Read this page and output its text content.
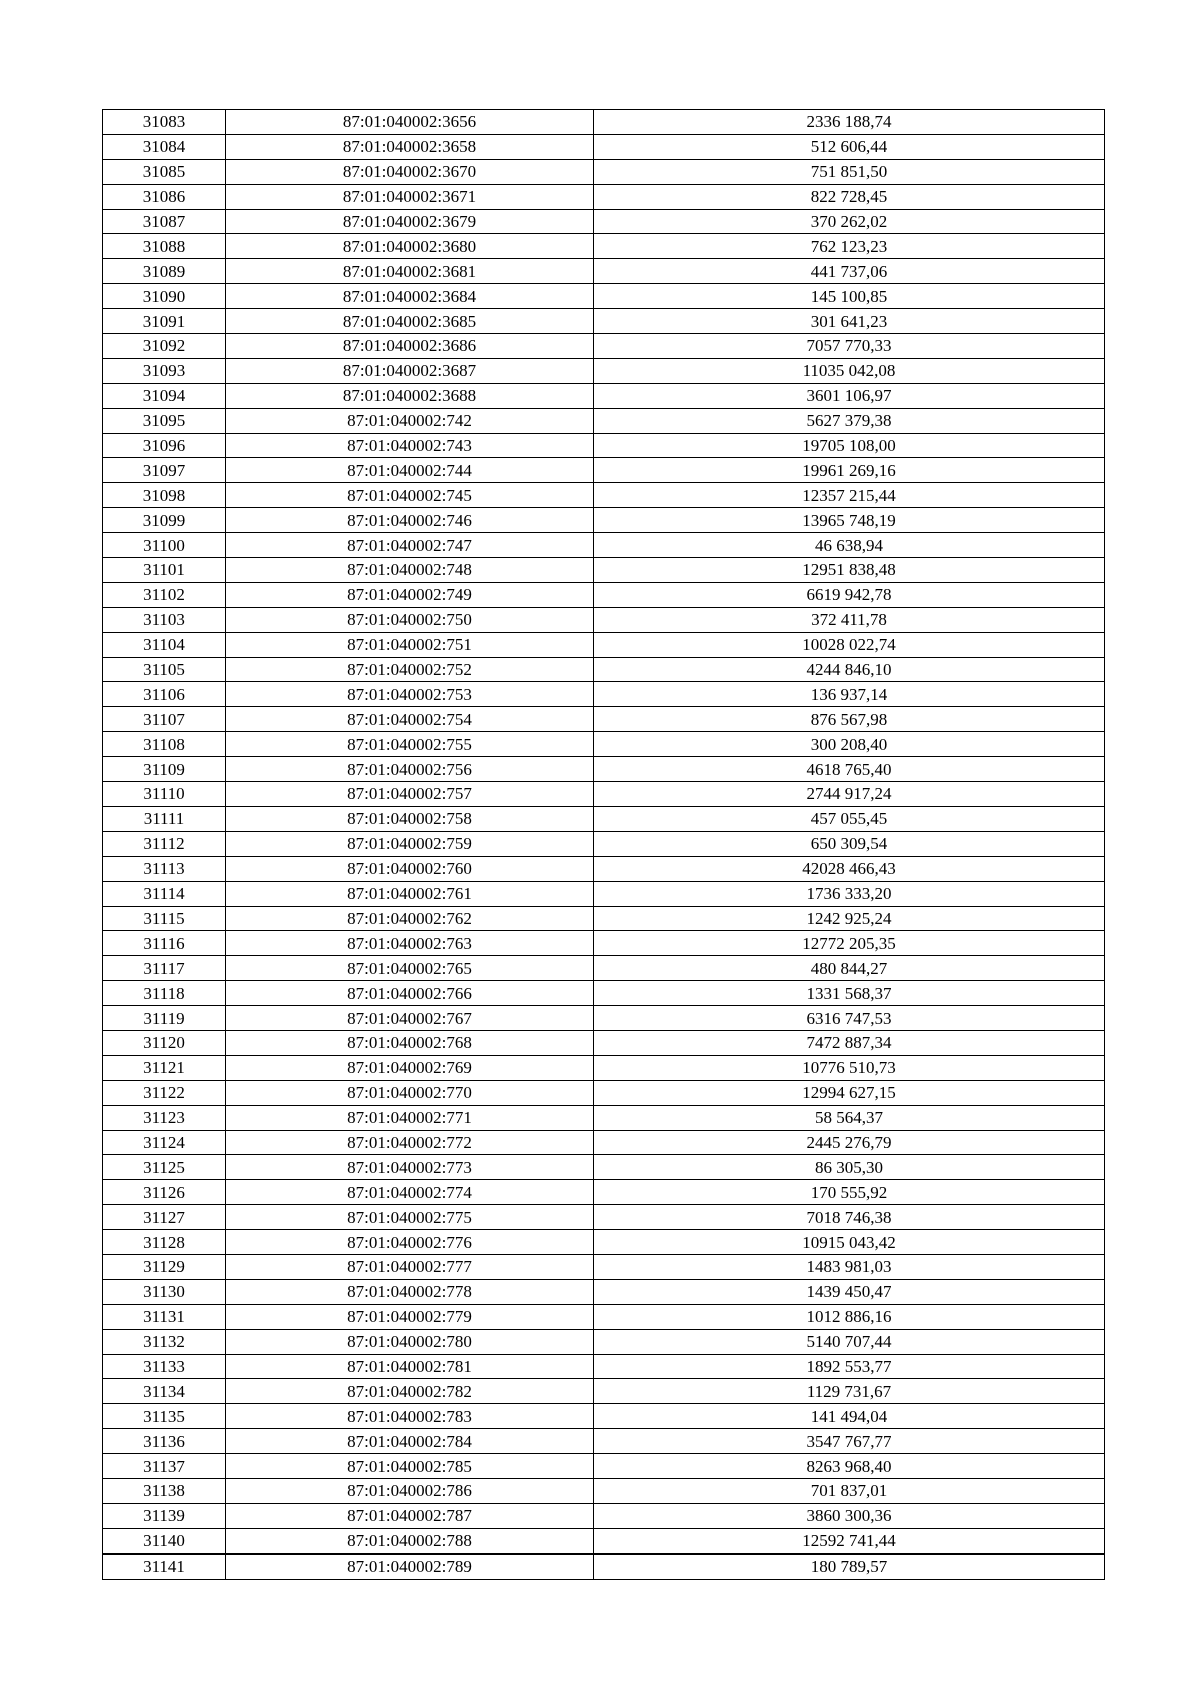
31083	87:01:040002:3656	2336 188,74
31084	87:01:040002:3658	512 606,44
31085	87:01:040002:3670	751 851,50
31086	87:01:040002:3671	822 728,45
31087	87:01:040002:3679	370 262,02
31088	87:01:040002:3680	762 123,23
31089	87:01:040002:3681	441 737,06
31090	87:01:040002:3684	145 100,85
31091	87:01:040002:3685	301 641,23
31092	87:01:040002:3686	7057 770,33
31093	87:01:040002:3687	11035 042,08
31094	87:01:040002:3688	3601 106,97
31095	87:01:040002:742	5627 379,38
31096	87:01:040002:743	19705 108,00
31097	87:01:040002:744	19961 269,16
31098	87:01:040002:745	12357 215,44
31099	87:01:040002:746	13965 748,19
31100	87:01:040002:747	46 638,94
31101	87:01:040002:748	12951 838,48
31102	87:01:040002:749	6619 942,78
31103	87:01:040002:750	372 411,78
31104	87:01:040002:751	10028 022,74
31105	87:01:040002:752	4244 846,10
31106	87:01:040002:753	136 937,14
31107	87:01:040002:754	876 567,98
31108	87:01:040002:755	300 208,40
31109	87:01:040002:756	4618 765,40
31110	87:01:040002:757	2744 917,24
31111	87:01:040002:758	457 055,45
31112	87:01:040002:759	650 309,54
31113	87:01:040002:760	42028 466,43
31114	87:01:040002:761	1736 333,20
31115	87:01:040002:762	1242 925,24
31116	87:01:040002:763	12772 205,35
31117	87:01:040002:765	480 844,27
31118	87:01:040002:766	1331 568,37
31119	87:01:040002:767	6316 747,53
31120	87:01:040002:768	7472 887,34
31121	87:01:040002:769	10776 510,73
31122	87:01:040002:770	12994 627,15
31123	87:01:040002:771	58 564,37
31124	87:01:040002:772	2445 276,79
31125	87:01:040002:773	86 305,30
31126	87:01:040002:774	170 555,92
31127	87:01:040002:775	7018 746,38
31128	87:01:040002:776	10915 043,42
31129	87:01:040002:777	1483 981,03
31130	87:01:040002:778	1439 450,47
31131	87:01:040002:779	1012 886,16
31132	87:01:040002:780	5140 707,44
31133	87:01:040002:781	1892 553,77
31134	87:01:040002:782	1129 731,67
31135	87:01:040002:783	141 494,04
31136	87:01:040002:784	3547 767,77
31137	87:01:040002:785	8263 968,40
31138	87:01:040002:786	701 837,01
31139	87:01:040002:787	3860 300,36
31140	87:01:040002:788	12592 741,44
31141	87:01:040002:789	180 789,57
